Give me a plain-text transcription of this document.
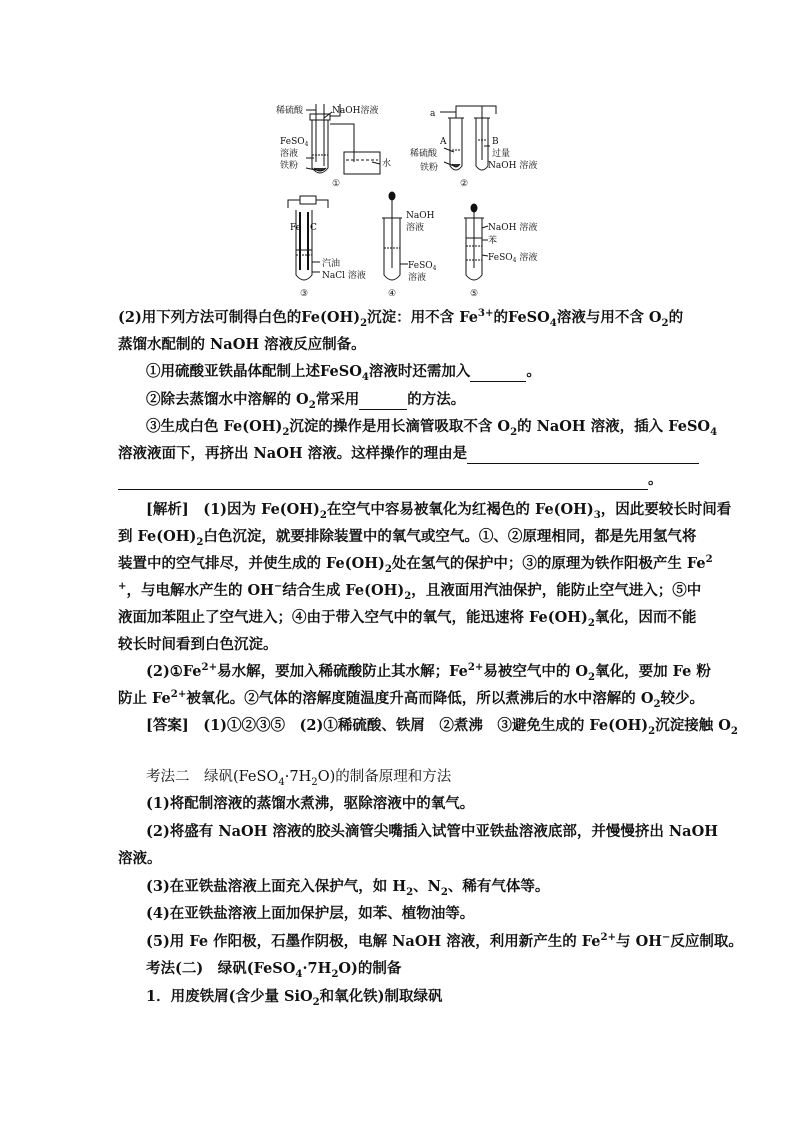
稀硫酸	NaOH溶液
FeSO$_4$
溶液
铁粉	水
①
a
A	B
过量
稀硫酸
NaOH 溶液
铁粉
②
Fe C
汽油
NaCl 溶液
③
NaOH
溶液
FeSO$_4$
溶液
④
NaOH 溶液
苯
FeSO$_4$ 溶液
⑤
(2)用下列方法可制得白色的$Fe(OH)_2$沉淀：用不含 $Fe^{3+}$的FeSO$_4$溶液与用不含 $O_2$的
蒸馏水配制的 NaOH 溶液反应制备。
①用硫酸亚铁晶体配制上述FeSO$_4$溶液时还需加入	。
②除去蒸馏水中溶解的 $O_2$常采用	的方法。
③生成白色 $Fe(OH)_2$沉淀的操作是用长滴管吸取不含 $O_2$的 NaOH 溶液，插入 FeSO$_4$
溶液液面下，再挤出 NaOH 溶液。这样操作的理由是
。
[解析]　(1)因为 $Fe(OH)_2$在空气中容易被氧化为红褐色的 $Fe(OH)_3$，因此要较长时间看
到 $Fe(OH)_2$白色沉淀，就要排除装置中的氧气或空气。①、②原理相同，都是先用氢气将
装置中的空气排尽，并使生成的 $Fe(OH)_2$处在氢气的保护中；③的原理为铁作阳极产生 Fe$^2$
+，与电解水产生的 OH−结合生成 $Fe(OH)_2$，且液面用汽油保护，能防止空气进入；⑤中
液面加苯阻止了空气进入；④由于带入空气中的氧气，能迅速将 $Fe(OH)_2$氧化，因而不能
较长时间看到白色沉淀。
$(2)①Fe^{2+}$易水解，要加入稀硫酸防止其水解；$Fe^{2+}$易被空气中的 $O_2$氧化，要加 Fe 粉
防止 $Fe^{2+}$被氧化。②气体的溶解度随温度升高而降低，所以煮沸后的水中溶解的 $O_2$较少。
[答案]　(1)①②③⑤　(2)①稀硫酸、铁屑　②煮沸　③避免生成的 $Fe(OH)_2$沉淀接触 $O_2$
考法二　绿矾$(FeSO_4\cdot 7H_2O)$的制备原理和方法
(1)将配制溶液的蒸馏水煮沸，驱除溶液中的氧气。
(2)将盛有 NaOH 溶液的胶头滴管尖嘴插入试管中亚铁盐溶液底部，并慢慢挤出 NaOH
溶液。
(3)在亚铁盐溶液上面充入保护气，如 $H_2$、$N_2$、稀有气体等。
(4)在亚铁盐溶液上面加保护层，如苯、植物油等。
(5)用 Fe 作阳极，石墨作阴极，电解 NaOH 溶液，利用新产生的 $Fe^{2+}$与 OH−反应制取。
考法(二)　绿矾$(FeSO_4\cdot 7H_2O)$的制备
1．用废铁屑(含少量 SiO$_2$和氧化铁)制取绿矾
